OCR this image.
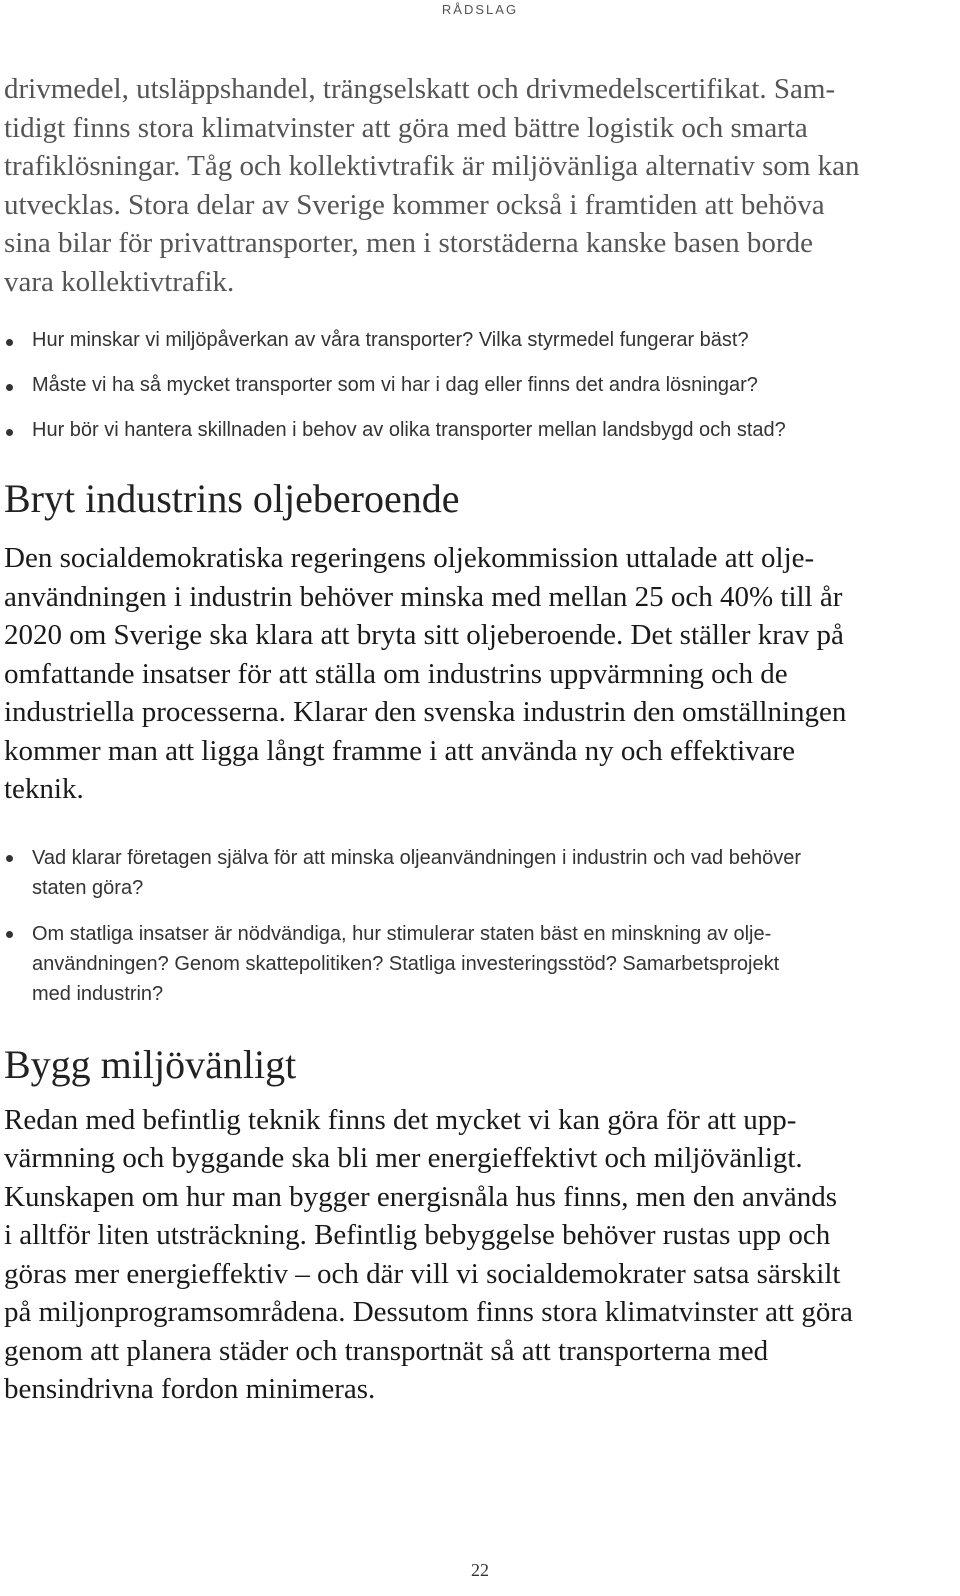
RÅDSLAG

drivmedel, utsläppshandel, trängselskatt och drivmedelscertifikat. Sam-
tidigt finns stora klimatvinster att göra med bättre logistik och smarta
trafiklösningar. Tåg och kollektivtrafik är miljövänliga alternativ som kan
utvecklas. Stora delar av Sverige kommer också i framtiden att behöva
sina bilar för privattransporter, men i storstäderna kanske basen borde
vara kollektivtrafik.

Hur minskar vi miljöpåverkan av våra transporter? Vilka styrmedel fungerar bäst?
Måste vi ha så mycket transporter som vi har i dag eller finns det andra lösningar?
Hur bör vi hantera skillnaden i behov av olika transporter mellan landsbygd och stad?
Bryt industrins oljeberoende

Den socialdemokratiska regeringens oljekommission uttalade att olje-
användningen i industrin behöver minska med mellan 25 och 40% till år
2020 om Sverige ska klara att bryta sitt oljeberoende. Det ställer krav på
omfattande insatser för att ställa om industrins uppvärmning och de
industriella processerna. Klarar den svenska industrin den omställningen
kommer man att ligga långt framme i att använda ny och effektivare
teknik.

Vad klarar företagen själva för att minska oljeanvändningen i industrin och vad behöver
staten göra?
Om statliga insatser är nödvändiga, hur stimulerar staten bäst en minskning av olje-
användningen? Genom skattepolitiken? Statliga investeringsstöd? Samarbetsprojekt
med industrin?
Bygg miljövänligt

Redan med befintlig teknik finns det mycket vi kan göra för att upp-
värmning och byggande ska bli mer energieffektivt och miljövänligt.
Kunskapen om hur man bygger energisnåla hus finns, men den används
i alltför liten utsträckning. Befintlig bebyggelse behöver rustas upp och
göras mer energieffektiv – och där vill vi socialdemokrater satsa särskilt
på miljonprogramsområdena. Dessutom finns stora klimatvinster att göra
genom att planera städer och transportnät så att transporterna med
bensindrivna fordon minimeras.

22
